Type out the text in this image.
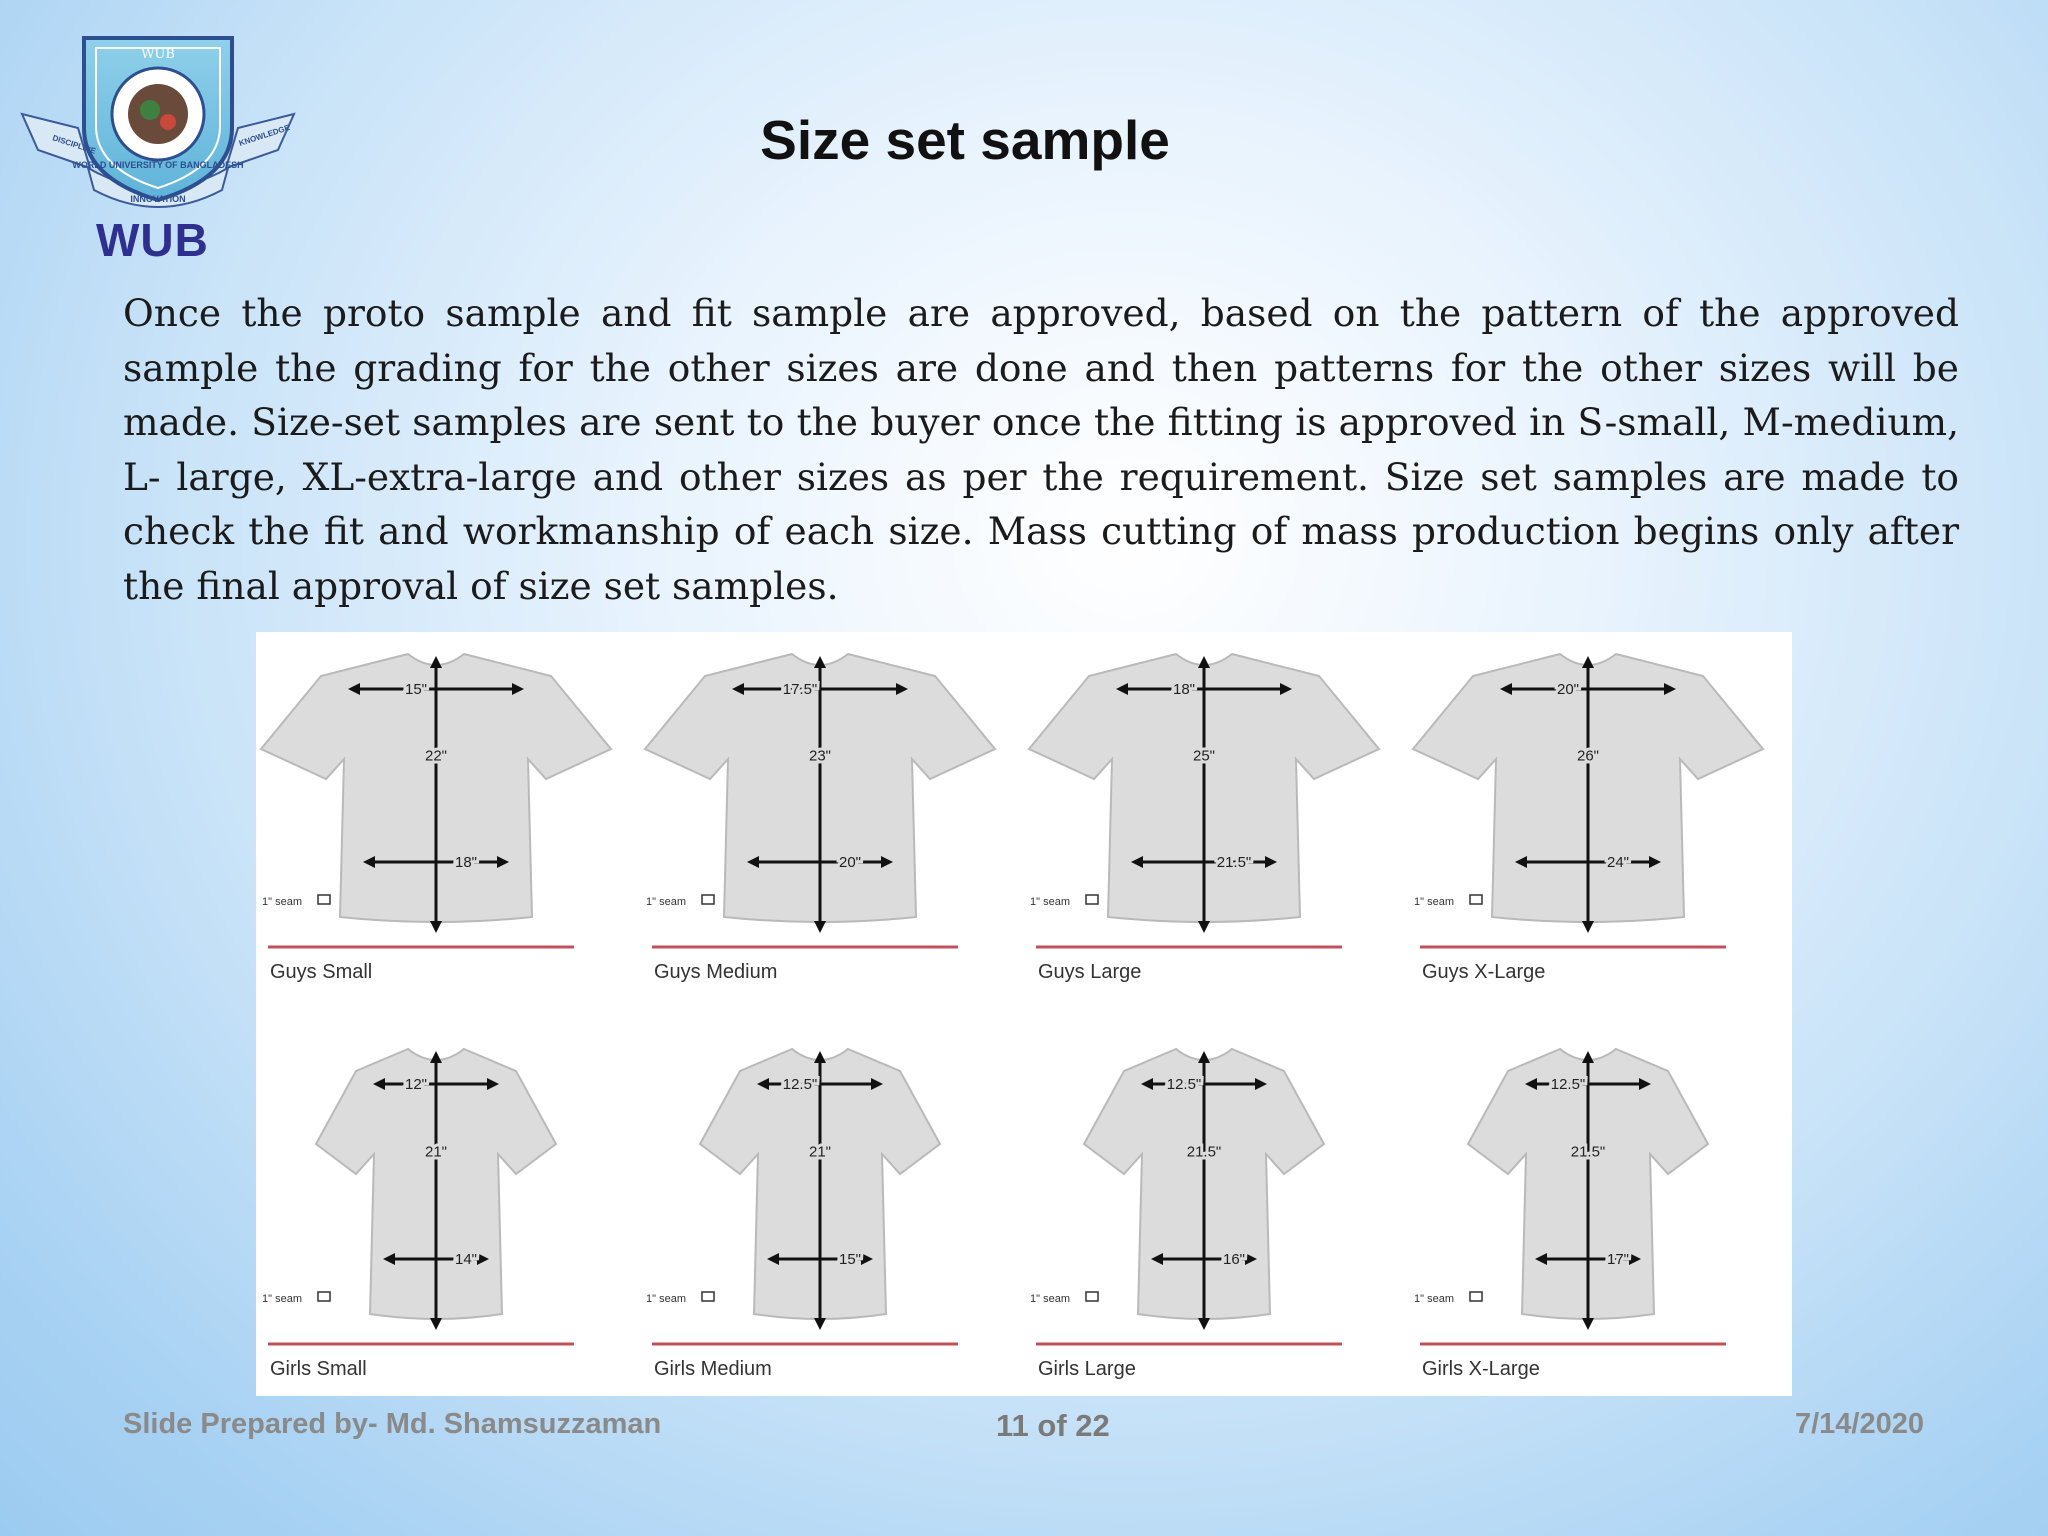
WUB
WORLD UNIVERSITY OF BANGLADESH
DISCIPLINE
INNOVATION
KNOWLEDGE
WUB
Size set sample
Once the proto sample and fit sample are approved, based on the pattern of the approved sample the grading for the other sizes are done and then patterns for the other sizes will be made. Size-set samples are sent to the buyer once the fitting is approved in S-small, M-medium, L- large, XL-extra-large and other sizes as per the requirement. Size set samples are made to check the fit and workmanship of each size. Mass cutting of mass production begins only after the final approval of size set samples.
15"
22"
18"
1" seam
Guys Small
17.5"
23"
20"
1" seam
Guys Medium
18"
25"
21.5"
1" seam
Guys Large
20"
26"
24"
1" seam
Guys X-Large
12"
21"
14"
1" seam
Girls Small
12.5"
21"
15"
1" seam
Girls Medium
12.5"
21.5"
16"
1" seam
Girls Large
12.5"
21.5"
17"
1" seam
Girls X-Large
Slide Prepared by- Md. Shamsuzzaman	11 of 22	7/14/2020
